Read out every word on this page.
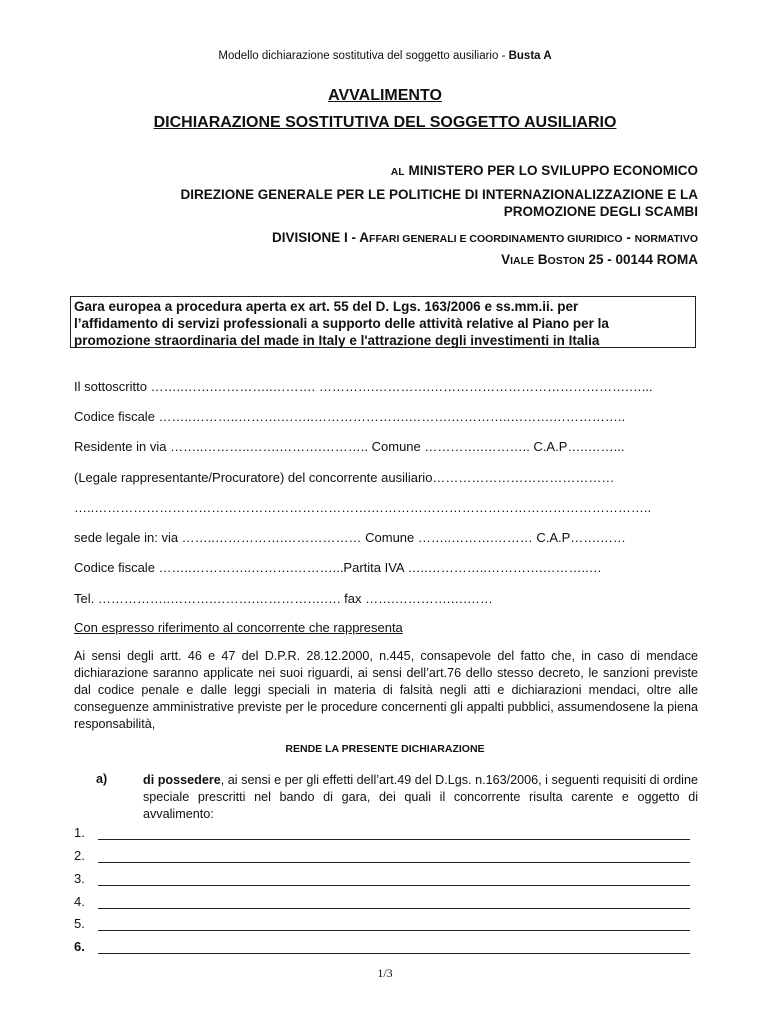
Modello dichiarazione sostitutiva del soggetto ausiliario - Busta A
AVVALIMENTO
DICHIARAZIONE SOSTITUTIVA DEL SOGGETTO AUSILIARIO
AL MINISTERO PER LO SVILUPPO ECONOMICO
DIREZIONE GENERALE PER LE POLITICHE DI INTERNAZIONALIZZAZIONE E LA
PROMOZIONE DEGLI SCAMBI
DIVISIONE I - AFFARI GENERALI E COORDINAMENTO GIURIDICO - NORMATIVO
VIALE BOSTON 25 - 00144 ROMA
Gara europea a procedura aperta ex art. 55 del D. Lgs. 163/2006 e ss.mm.ii. per
l’affidamento di servizi professionali a supporto delle attività relative al Piano per la
promozione straordinaria del made in Italy e l'attrazione degli investimenti in Italia
Il sottoscritto ……..…….…………..………. ………….………….……………………………………….…...
Codice fiscale ……..………..……….……..………………….……….…………..……….……………..
Residente in via ……..………..…….……….……….. Comune …………..……….. C.A.P…..……...
(Legale rappresentante/Procuratore) del concorrente ausiliario……………………………………
…..……………………………………………………….………………………………………………………..
sede legale in: via ……..…………….……………… Comune ……..……….……… C.A.P…….……
Codice fiscale ……..…………..……….………...Partita IVA …..…………..………….………..…
Tel. ……………..……….……….…………….…. fax …….………….….……
Con espresso riferimento al concorrente che rappresenta
Ai sensi degli artt. 46 e 47 del D.P.R. 28.12.2000, n.445, consapevole del fatto che, in caso di mendace dichiarazione saranno applicate nei suoi riguardi, ai sensi dell’art.76 dello stesso decreto, le sanzioni previste dal codice penale e dalle leggi speciali in materia di falsità negli atti e dichiarazioni mendaci, oltre alle conseguenze amministrative previste per le procedure concernenti gli appalti pubblici, assumendosene la piena responsabilità,
RENDE LA PRESENTE DICHIARAZIONE
a)	di possedere, ai sensi e per gli effetti dell’art.49 del D.Lgs. n.163/2006, i seguenti requisiti di ordine speciale prescritti nel bando di gara, dei quali il concorrente risulta carente e oggetto di avvalimento:
1.
2.
3.
4.
5.
6.
1/3
